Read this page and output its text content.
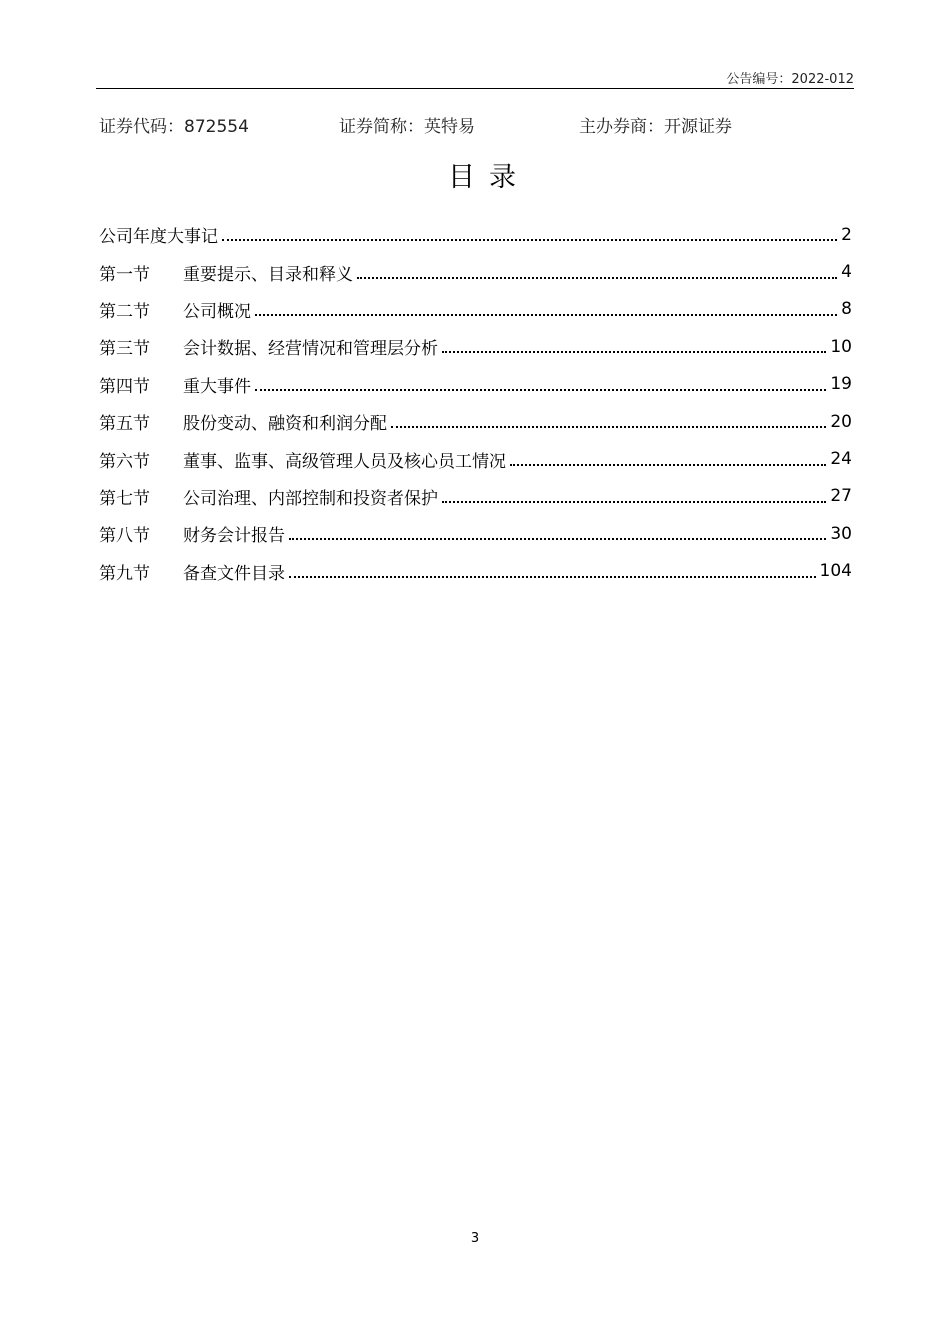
公告编号：2022-012
证券代码：872554	证券简称：英特易	主办券商：开源证券
目录
公司年度大事记	2
第一节	重要提示、目录和释义	4
第二节	公司概况	8
第三节	会计数据、经营情况和管理层分析	10
第四节	重大事件	19
第五节	股份变动、融资和利润分配	20
第六节	董事、监事、高级管理人员及核心员工情况	24
第七节	公司治理、内部控制和投资者保护	27
第八节	财务会计报告	30
第九节	备查文件目录	104
3
